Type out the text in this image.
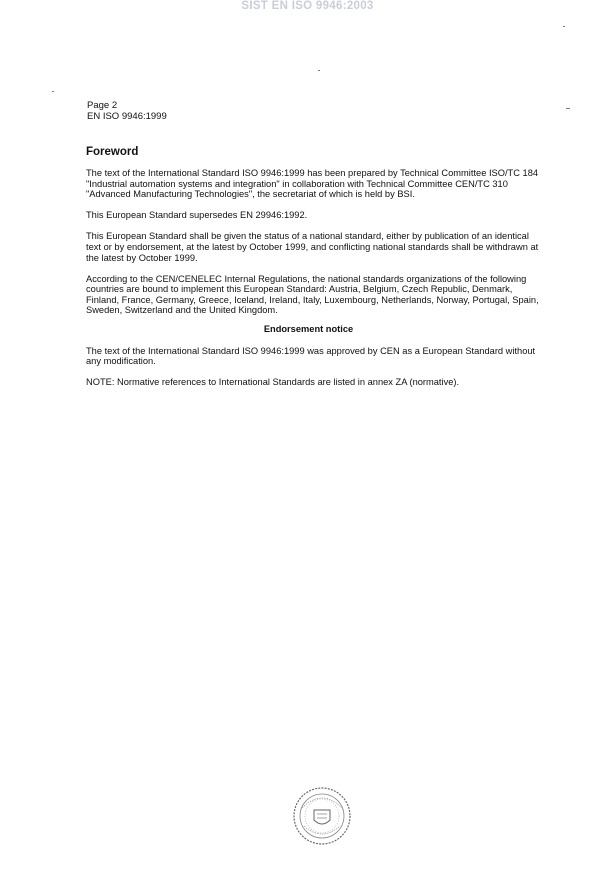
SIST EN ISO 9946:2003
Page 2
EN ISO 9946:1999
Foreword

The text of the International Standard ISO 9946:1999 has been prepared by Technical Committee ISO/TC 184 "Industrial automation systems and integration" in collaboration with Technical Committee CEN/TC 310 "Advanced Manufacturing Technologies", the secretariat of which is held by BSI.

This European Standard supersedes EN 29946:1992.

This European Standard shall be given the status of a national standard, either by publication of an identical text or by endorsement, at the latest by October 1999, and conflicting national standards shall be withdrawn at the latest by October 1999.

According to the CEN/CENELEC Internal Regulations, the national standards organizations of the following countries are bound to implement this European Standard: Austria, Belgium, Czech Republic, Denmark, Finland, France, Germany, Greece, Iceland, Ireland, Italy, Luxembourg, Netherlands, Norway, Portugal, Spain, Sweden, Switzerland and the United Kingdom.

Endorsement notice

The text of the International Standard ISO 9946:1999 was approved by CEN as a European Standard without any modification.

NOTE: Normative references to International Standards are listed in annex ZA (normative).
